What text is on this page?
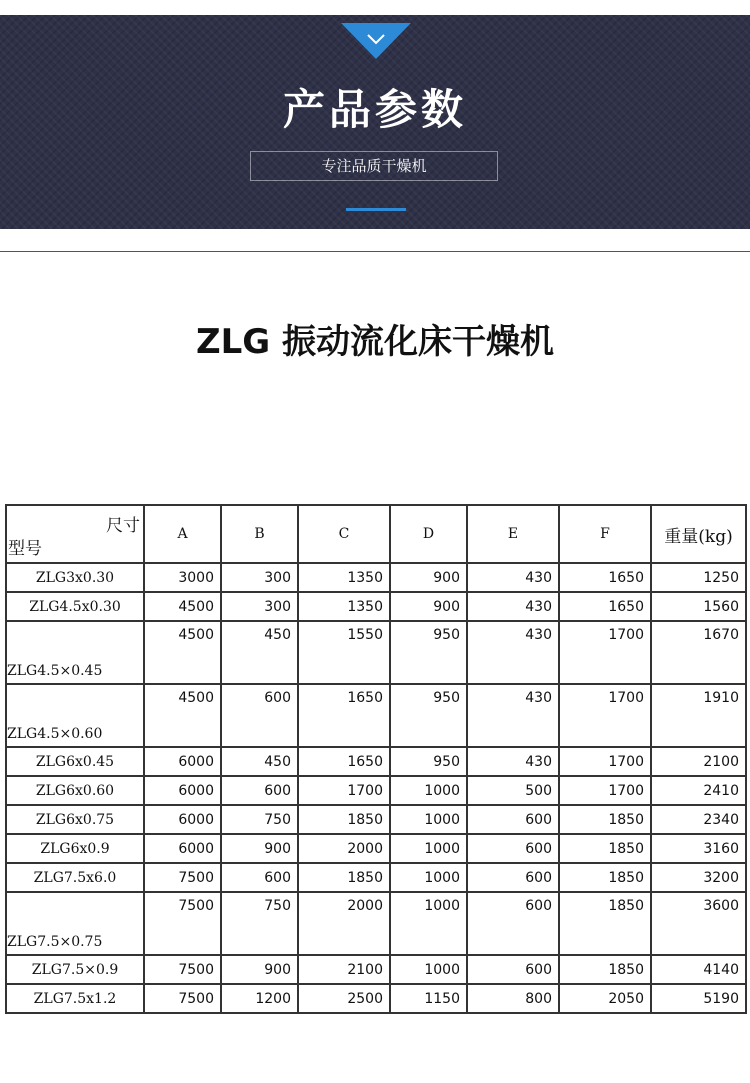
产品参数
专注品质干燥机
ZLG 振动流化床干燥机
尺寸
型号	A	B	C	D	E	F	重量(kg)
ZLG3x0.30	3000	300	1350	900	430	1650	1250
ZLG4.5x0.30	4500	300	1350	900	430	1650	1560
ZLG4.5×0.45	4500	450	1550	950	430	1700	1670
ZLG4.5×0.60	4500	600	1650	950	430	1700	1910
ZLG6x0.45	6000	450	1650	950	430	1700	2100
ZLG6x0.60	6000	600	1700	1000	500	1700	2410
ZLG6x0.75	6000	750	1850	1000	600	1850	2340
ZLG6x0.9	6000	900	2000	1000	600	1850	3160
ZLG7.5x6.0	7500	600	1850	1000	600	1850	3200
ZLG7.5×0.75	7500	750	2000	1000	600	1850	3600
ZLG7.5×0.9	7500	900	2100	1000	600	1850	4140
ZLG7.5x1.2	7500	1200	2500	1150	800	2050	5190
